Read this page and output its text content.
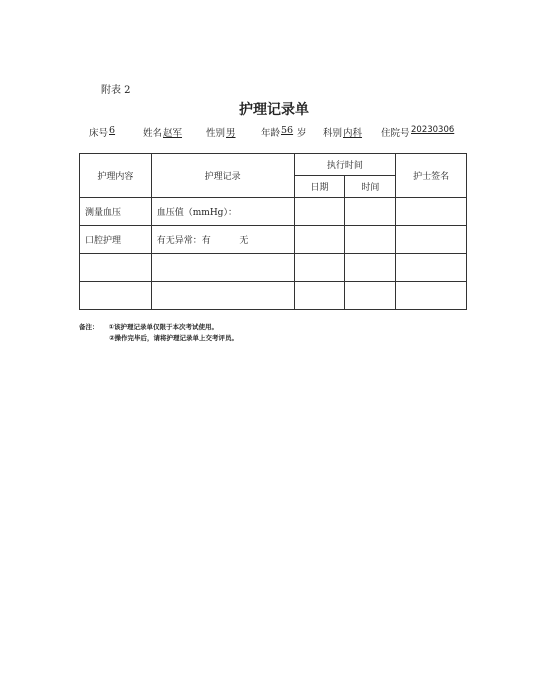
附表 2
护理记录单
床号 6	姓名 赵军	性别 男	年龄 56 岁 科别 内科 住院号 20230306
护理内容	护理记录	执行时间		护士签名
		日期	时间	
测量血压	血压值（mmHg）：			
口腔护理	有无异常：有          无			

备注： ①该护理记录单仅限于本次考试使用。
②操作完毕后，请将护理记录单上交考评员。
